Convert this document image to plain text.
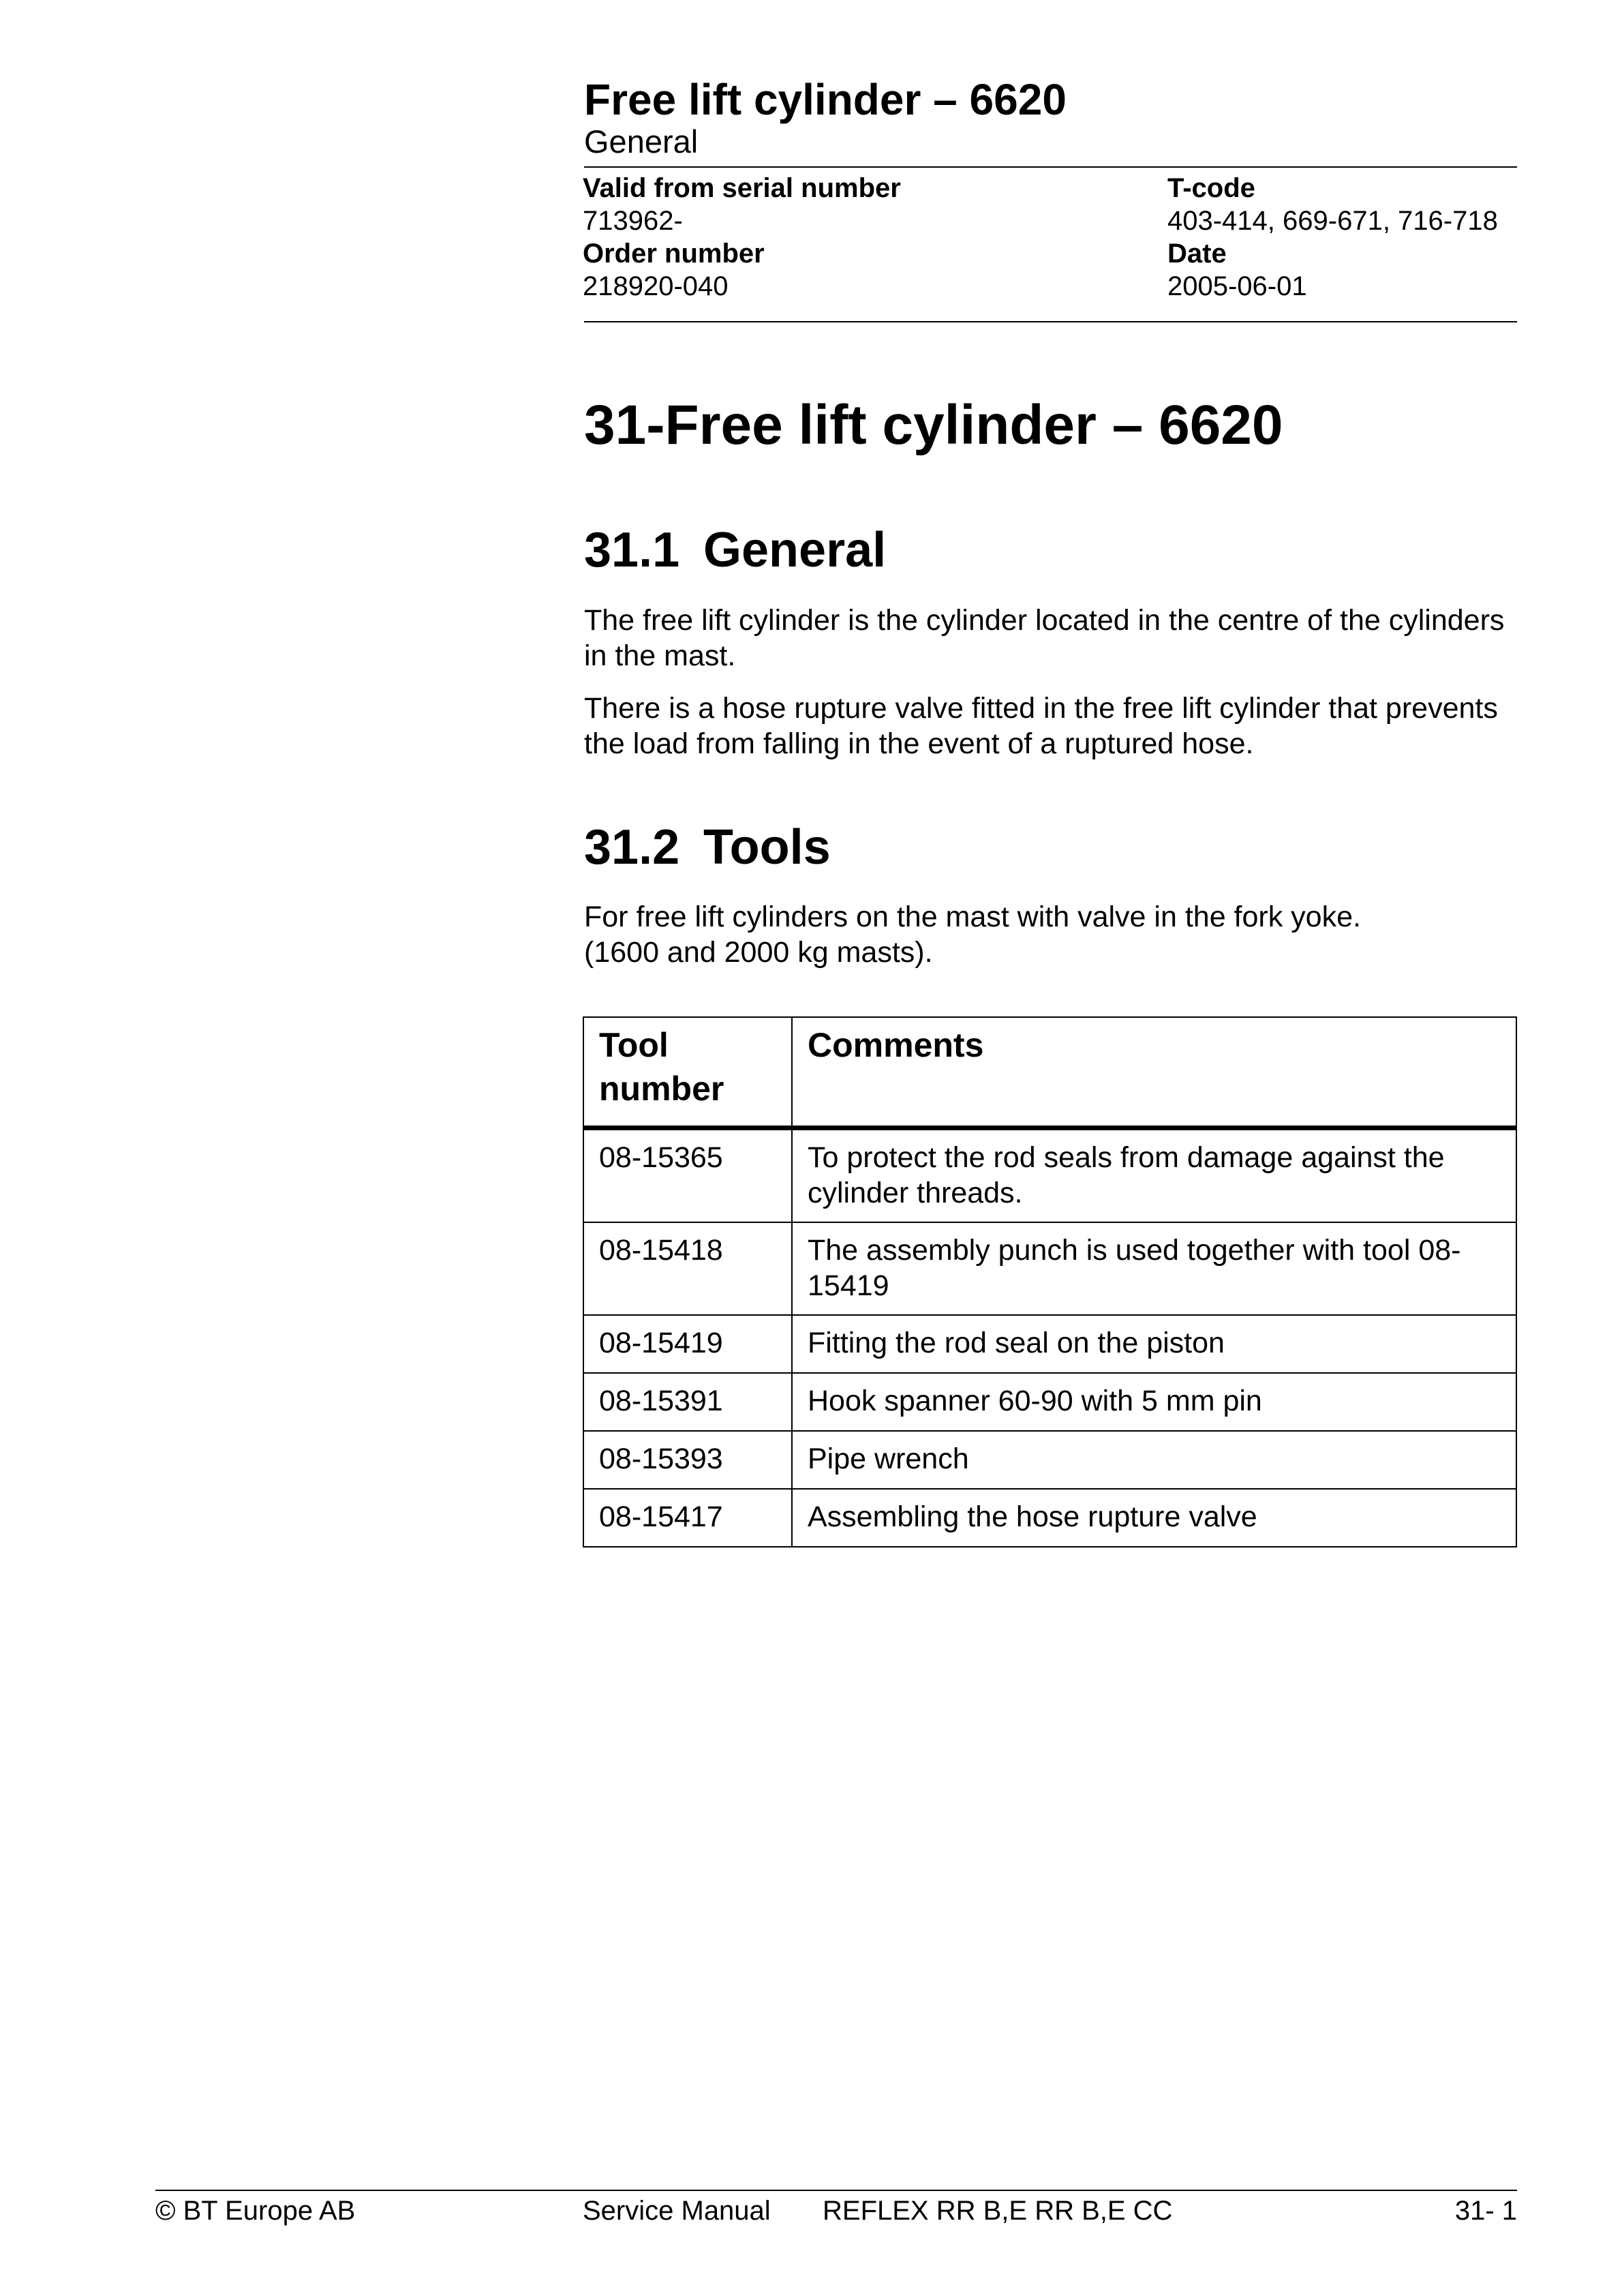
Free lift cylinder – 6620
General
Valid from serial number
713962-
Order number
218920-040
T-code
403-414, 669-671, 716-718
Date
2005-06-01
31-Free lift cylinder – 6620
31.1 General
The free lift cylinder is the cylinder located in the centre of the cylinders in the mast.
There is a hose rupture valve fitted in the free lift cylinder that prevents the load from falling in the event of a ruptured hose.
31.2 Tools
For free lift cylinders on the mast with valve in the fork yoke.
(1600 and 2000 kg masts).
Tool number	Comments
08-15365	To protect the rod seals from damage against the cylinder threads.
08-15418	The assembly punch is used together with tool 08-15419
08-15419	Fitting the rod seal on the piston
08-15391	Hook spanner 60-90 with 5 mm pin
08-15393	Pipe wrench
08-15417	Assembling the hose rupture valve
© BT Europe AB	Service Manual REFLEX RR B,E RR B,E CC	31- 1
